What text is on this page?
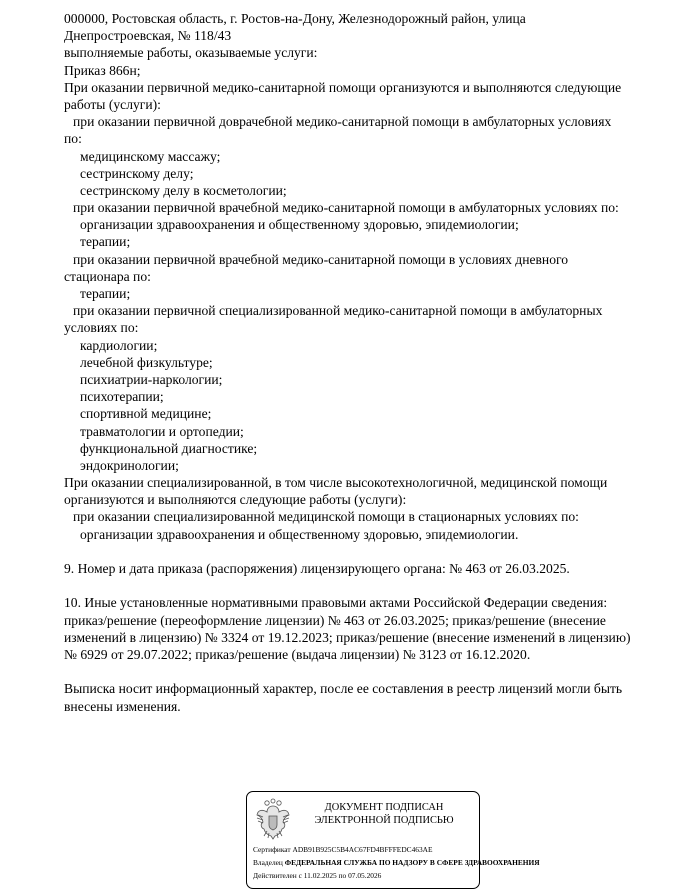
000000, Ростовская область, г. Ростов-на-Дону, Железнодорожный район, улица
Днепростроевская, № 118/43
выполняемые работы, оказываемые услуги:
Приказ 866н;
При оказании первичной медико-санитарной помощи организуются и выполняются следующие
работы (услуги):
при оказании первичной доврачебной медико-санитарной помощи в амбулаторных условиях
по:
медицинскому массажу;
сестринскому делу;
сестринскому делу в косметологии;
при оказании первичной врачебной медико-санитарной помощи в амбулаторных условиях по:
организации здравоохранения и общественному здоровью, эпидемиологии;
терапии;
при оказании первичной врачебной медико-санитарной помощи в условиях дневного
стационара по:
терапии;
при оказании первичной специализированной медико-санитарной помощи в амбулаторных
условиях по:
кардиологии;
лечебной физкультуре;
психиатрии-наркологии;
психотерапии;
спортивной медицине;
травматологии и ортопедии;
функциональной диагностике;
эндокринологии;
При оказании специализированной, в том числе высокотехнологичной, медицинской помощи
организуются и выполняются следующие работы (услуги):
при оказании специализированной медицинской помощи в стационарных условиях по:
организации здравоохранения и общественному здоровью, эпидемиологии.
9. Номер и дата приказа (распоряжения) лицензирующего органа: № 463 от 26.03.2025.
10. Иные установленные нормативными правовыми актами Российской Федерации сведения:
приказ/решение (переоформление лицензии) № 463 от 26.03.2025; приказ/решение (внесение
изменений в лицензию) № 3324 от 19.12.2023; приказ/решение (внесение изменений в лицензию)
№ 6929 от 29.07.2022; приказ/решение (выдача лицензии) № 3123 от 16.12.2020.
Выписка носит информационный характер, после ее составления в реестр лицензий могли быть
внесены изменения.
ДОКУМЕНТ ПОДПИСАН
ЭЛЕКТРОННОЙ ПОДПИСЬЮ
Сертификат ADB91B925C5B4AC67FD4BFFFEDC463AE
Владелец ФЕДЕРАЛЬНАЯ СЛУЖБА ПО НАДЗОРУ В СФЕРЕ ЗДРАВООХРАНЕНИЯ
Действителен с 11.02.2025 по 07.05.2026
